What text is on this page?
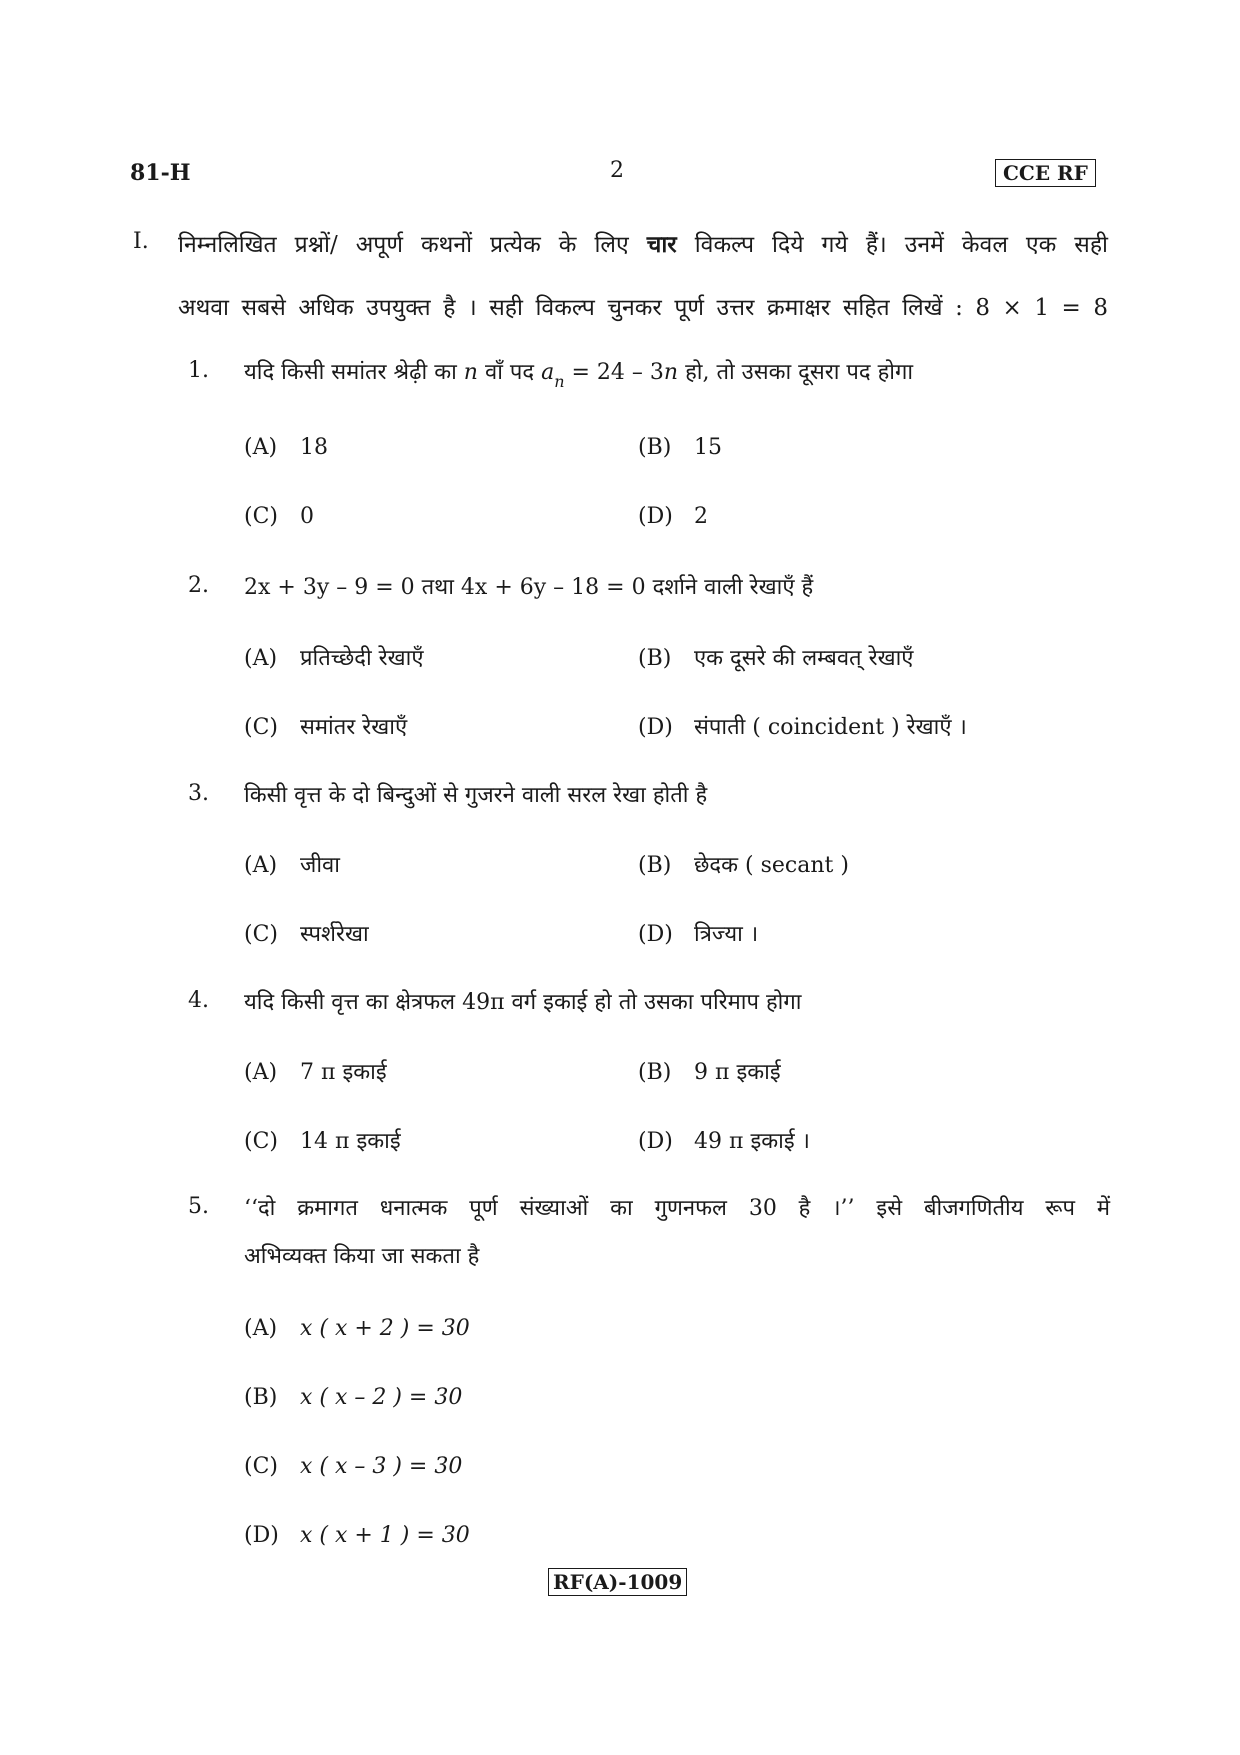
81-H	2	CCE RF
I. निम्नलिखित प्रश्नों/ अपूर्ण कथनों प्रत्येक के लिए चार विकल्प दिये गये हैं। उनमें केवल एक सही
अथवा सबसे अधिक उपयुक्त है । सही विकल्प चुनकर पूर्ण उत्तर क्रमाक्षर सहित लिखें : 8 × 1 = 8
1. यदि किसी समांतर श्रेढ़ी का n वाँ पद $a_n = 24 - 3n$ हो, तो उसका दूसरा पद होगा
(A) 18	(B) 15
(C) 0	(D) 2
2. 2x + 3y – 9 = 0 तथा 4x + 6y – 18 = 0 दर्शाने वाली रेखाएँ हैं
(A) प्रतिच्छेदी रेखाएँ	(B) एक दूसरे की लम्बवत् रेखाएँ
(C) समांतर रेखाएँ	(D) संपाती ( coincident ) रेखाएँ ।
3. किसी वृत्त के दो बिन्दुओं से गुजरने वाली सरल रेखा होती है
(A) जीवा	(B) छेदक ( secant )
(C) स्पर्शरेखा	(D) त्रिज्या ।
4. यदि किसी वृत्त का क्षेत्रफल 49π वर्ग इकाई हो तो उसका परिमाप होगा
(A) 7 π इकाई	(B) 9 π इकाई
(C) 14 π इकाई	(D) 49 π इकाई ।
5. ‘‘दो क्रमागत धनात्मक पूर्ण संख्याओं का गुणनफल 30 है ।’’ इसे बीजगणितीय रूप में
अभिव्यक्त किया जा सकता है
(A) x ( x + 2 ) = 30
(B) x ( x – 2 ) = 30
(C) x ( x – 3 ) = 30
(D) x ( x + 1 ) = 30
RF(A)-1009
